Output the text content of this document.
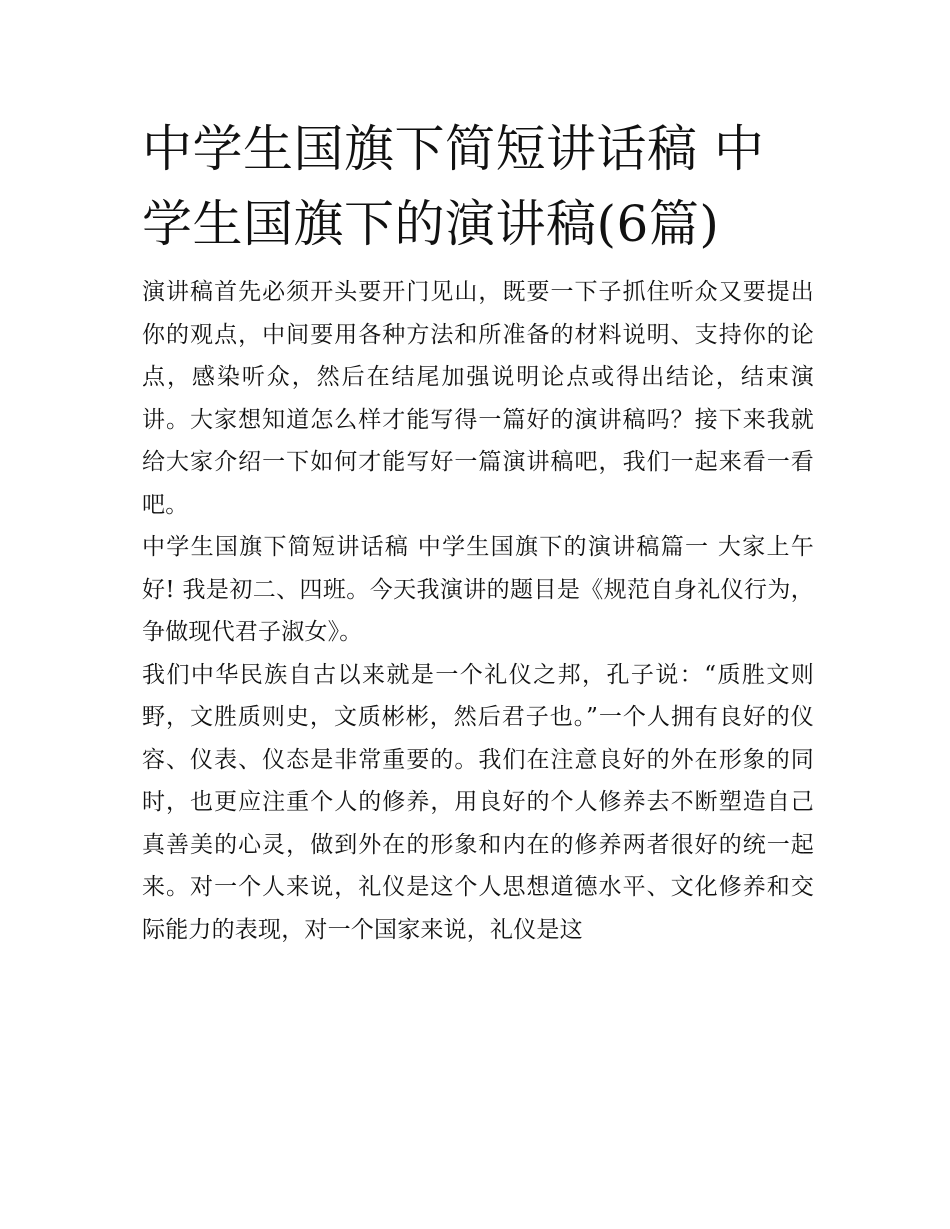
中学生国旗下简短讲话稿 中学生国旗下的演讲稿(6篇)

演讲稿首先必须开头要开门见山，既要一下子抓住听众又要提出你的观点，中间要用各种方法和所准备的材料说明、支持你的论点，感染听众，然后在结尾加强说明论点或得出结论，结束演讲。大家想知道怎么样才能写得一篇好的演讲稿吗？接下来我就给大家介绍一下如何才能写好一篇演讲稿吧，我们一起来看一看吧。

中学生国旗下简短讲话稿 中学生国旗下的演讲稿篇一 大家上午好! 我是初二、四班。今天我演讲的题目是《规范自身礼仪行为，争做现代君子淑女》。

我们中华民族自古以来就是一个礼仪之邦，孔子说：“质胜文则野，文胜质则史，文质彬彬，然后君子也。”一个人拥有良好的仪容、仪表、仪态是非常重要的。我们在注意良好的外在形象的同时，也更应注重个人的修养，用良好的个人修养去不断塑造自己真善美的心灵，做到外在的形象和内在的修养两者很好的统一起来。对一个人来说，礼仪是这个人思想道德水平、文化修养和交际能力的表现，对一个国家来说，礼仪是这
